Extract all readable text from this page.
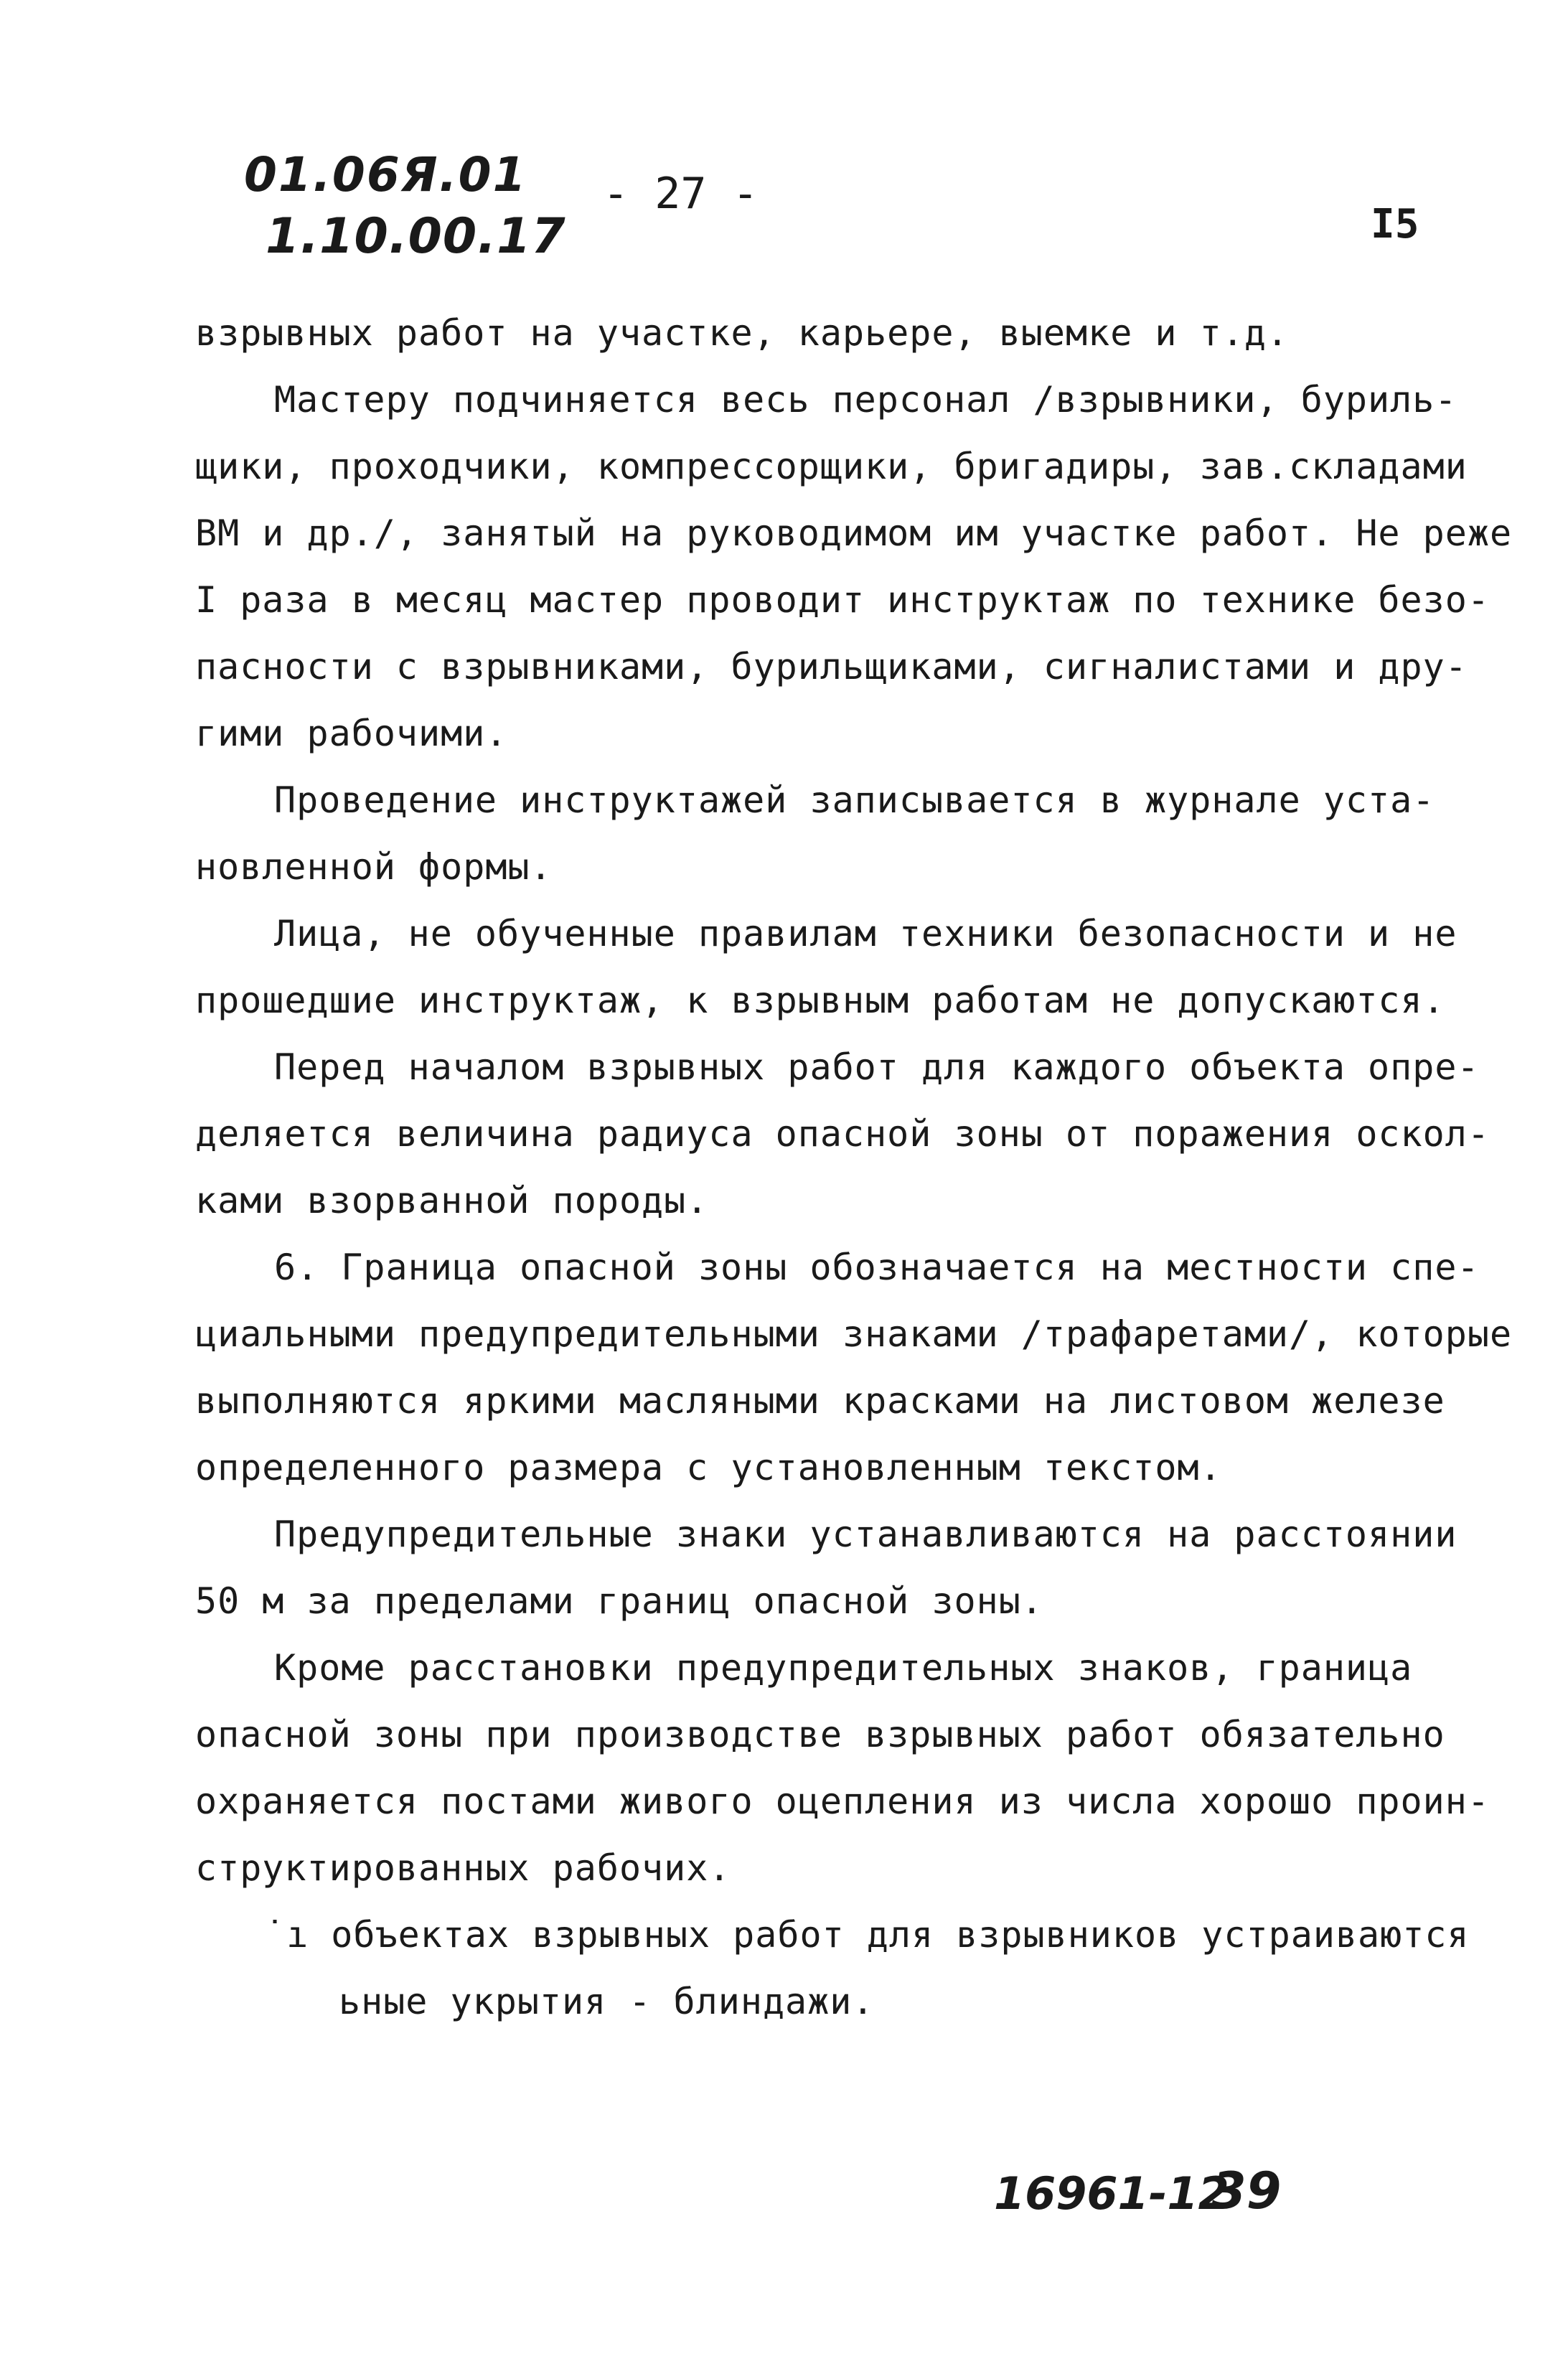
01.06Я.01
1.10.00.17
- 27 -
I5
взрывных работ на участке, карьере, выемке и т.д.
Мастеру подчиняется весь персонал /взрывники, буриль-
щики, проходчики, компрессорщики, бригадиры, зав.складами
ВМ и др./, занятый на руководимом им участке работ. Не реже
I раза в месяц мастер проводит инструктаж по технике безо-
пасности с взрывниками, бурильщиками, сигналистами и дру-
гими рабочими.
Проведение инструктажей записывается в журнале уста-
новленной формы.
Лица, не обученные правилам техники безопасности и не
прошедшие инструктаж, к взрывным работам не допускаются.
Перед началом взрывных работ для каждого объекта опре-
деляется величина радиуса опасной зоны от поражения оскол-
ками взорванной породы.
6. Граница опасной зоны обозначается на местности спе-
циальными предупредительными знаками /трафаретами/, которые
выполняются яркими масляными красками на листовом железе
определенного размера с установленным текстом.
Предупредительные знаки устанавливаются на расстоянии
50 м за пределами границ опасной зоны.
Кроме расстановки предупредительных знаков, граница
опасной зоны при производстве взрывных работ обязательно
охраняется постами живого оцепления из числа хорошо проин-
структированных рабочих.
˙ı объектах взрывных работ для взрывников устраиваются
ьные укрытия - блиндажи.
16961-12
39
